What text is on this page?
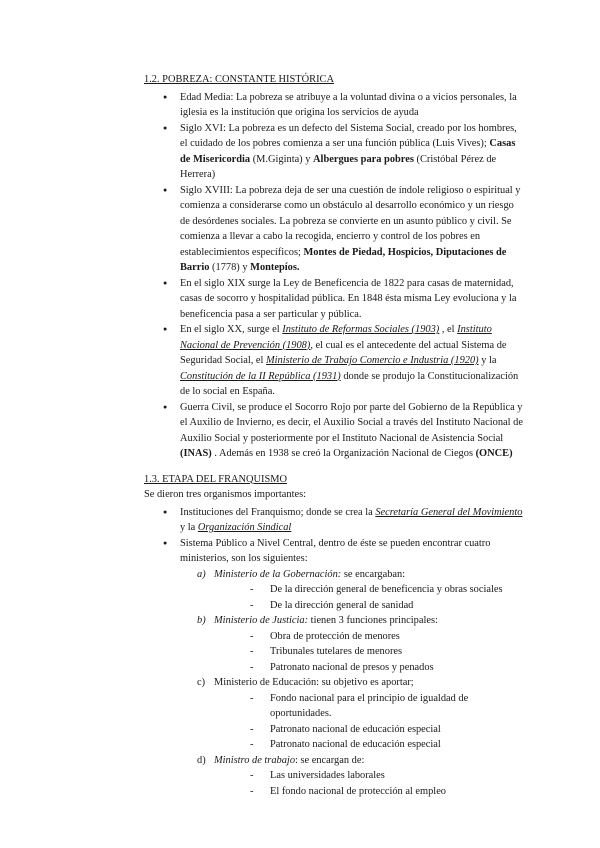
1.2. POBREZA: CONSTANTE HISTÓRICA

● Edad Media: La pobreza se atribuye a la voluntad divina o a vicios personales, la iglesia es la institución que origina los servicios de ayuda
● Siglo XVI: La pobreza es un defecto del Sistema Social, creado por los hombres, el cuidado de los pobres comienza a ser una función pública (Luis Vives); Casas de Misericordia (M.Giginta) y Albergues para pobres (Cristóbal Pérez de Herrera)
● Siglo XVIII: La pobreza deja de ser una cuestión de índole religioso o espiritual y comienza a considerarse como un obstáculo al desarrollo económico y un riesgo de desórdenes sociales. La pobreza se convierte en un asunto público y civil. Se comienza a llevar a cabo la recogida, encierro y control de los pobres en establecimientos específicos; Montes de Piedad, Hospicios, Diputaciones de Barrio (1778) y Montepíos.
● En el siglo XIX surge la Ley de Beneficencia de 1822 para casas de maternidad, casas de socorro y hospitalidad pública. En 1848 ésta misma Ley evoluciona y la beneficencia pasa a ser particular y pública.
● En el siglo XX, surge el Instituto de Reformas Sociales (1903) , el Instituto Nacional de Prevención (1908), el cual es el antecedente del actual Sistema de Seguridad Social, el Ministerio de Trabajo Comercio e Industria (1920) y la Constitución de la II República (1931) donde se produjo la Constitucionalización de lo social en España.
● Guerra Civil, se produce el Socorro Rojo por parte del Gobierno de la República y el Auxilio de Invierno, es decir, el Auxilio Social a través del Instituto Nacional de Auxilio Social y posteriormente por el Instituto Nacional de Asistencia Social (INAS) . Además en 1938 se creó la Organización Nacional de Ciegos (ONCE)

1.3. ETAPA DEL FRANQUISMO

Se dieron tres organismos importantes:

● Instituciones del Franquismo; donde se crea la Secretaría General del Movimiento y la Organización Sindical
● Sistema Público a Nivel Central, dentro de éste se pueden encontrar cuatro ministerios, son los siguientes:
a) Ministerio de la Gobernación: se encargaban:
- De la dirección general de beneficencia y obras sociales
- De la dirección general de sanidad
b) Ministerio de Justicia: tienen 3 funciones principales:
- Obra de protección de menores
- Tribunales tutelares de menores
- Patronato nacional de presos y penados
c) Ministerio de Educación: su objetivo es aportar;
- Fondo nacional para el principio de igualdad de oportunidades.
- Patronato nacional de educación especial
- Patronato nacional de educación especial
d) Ministro de trabajo: se encargan de:
- Las universidades laborales
- El fondo nacional de protección al empleo
